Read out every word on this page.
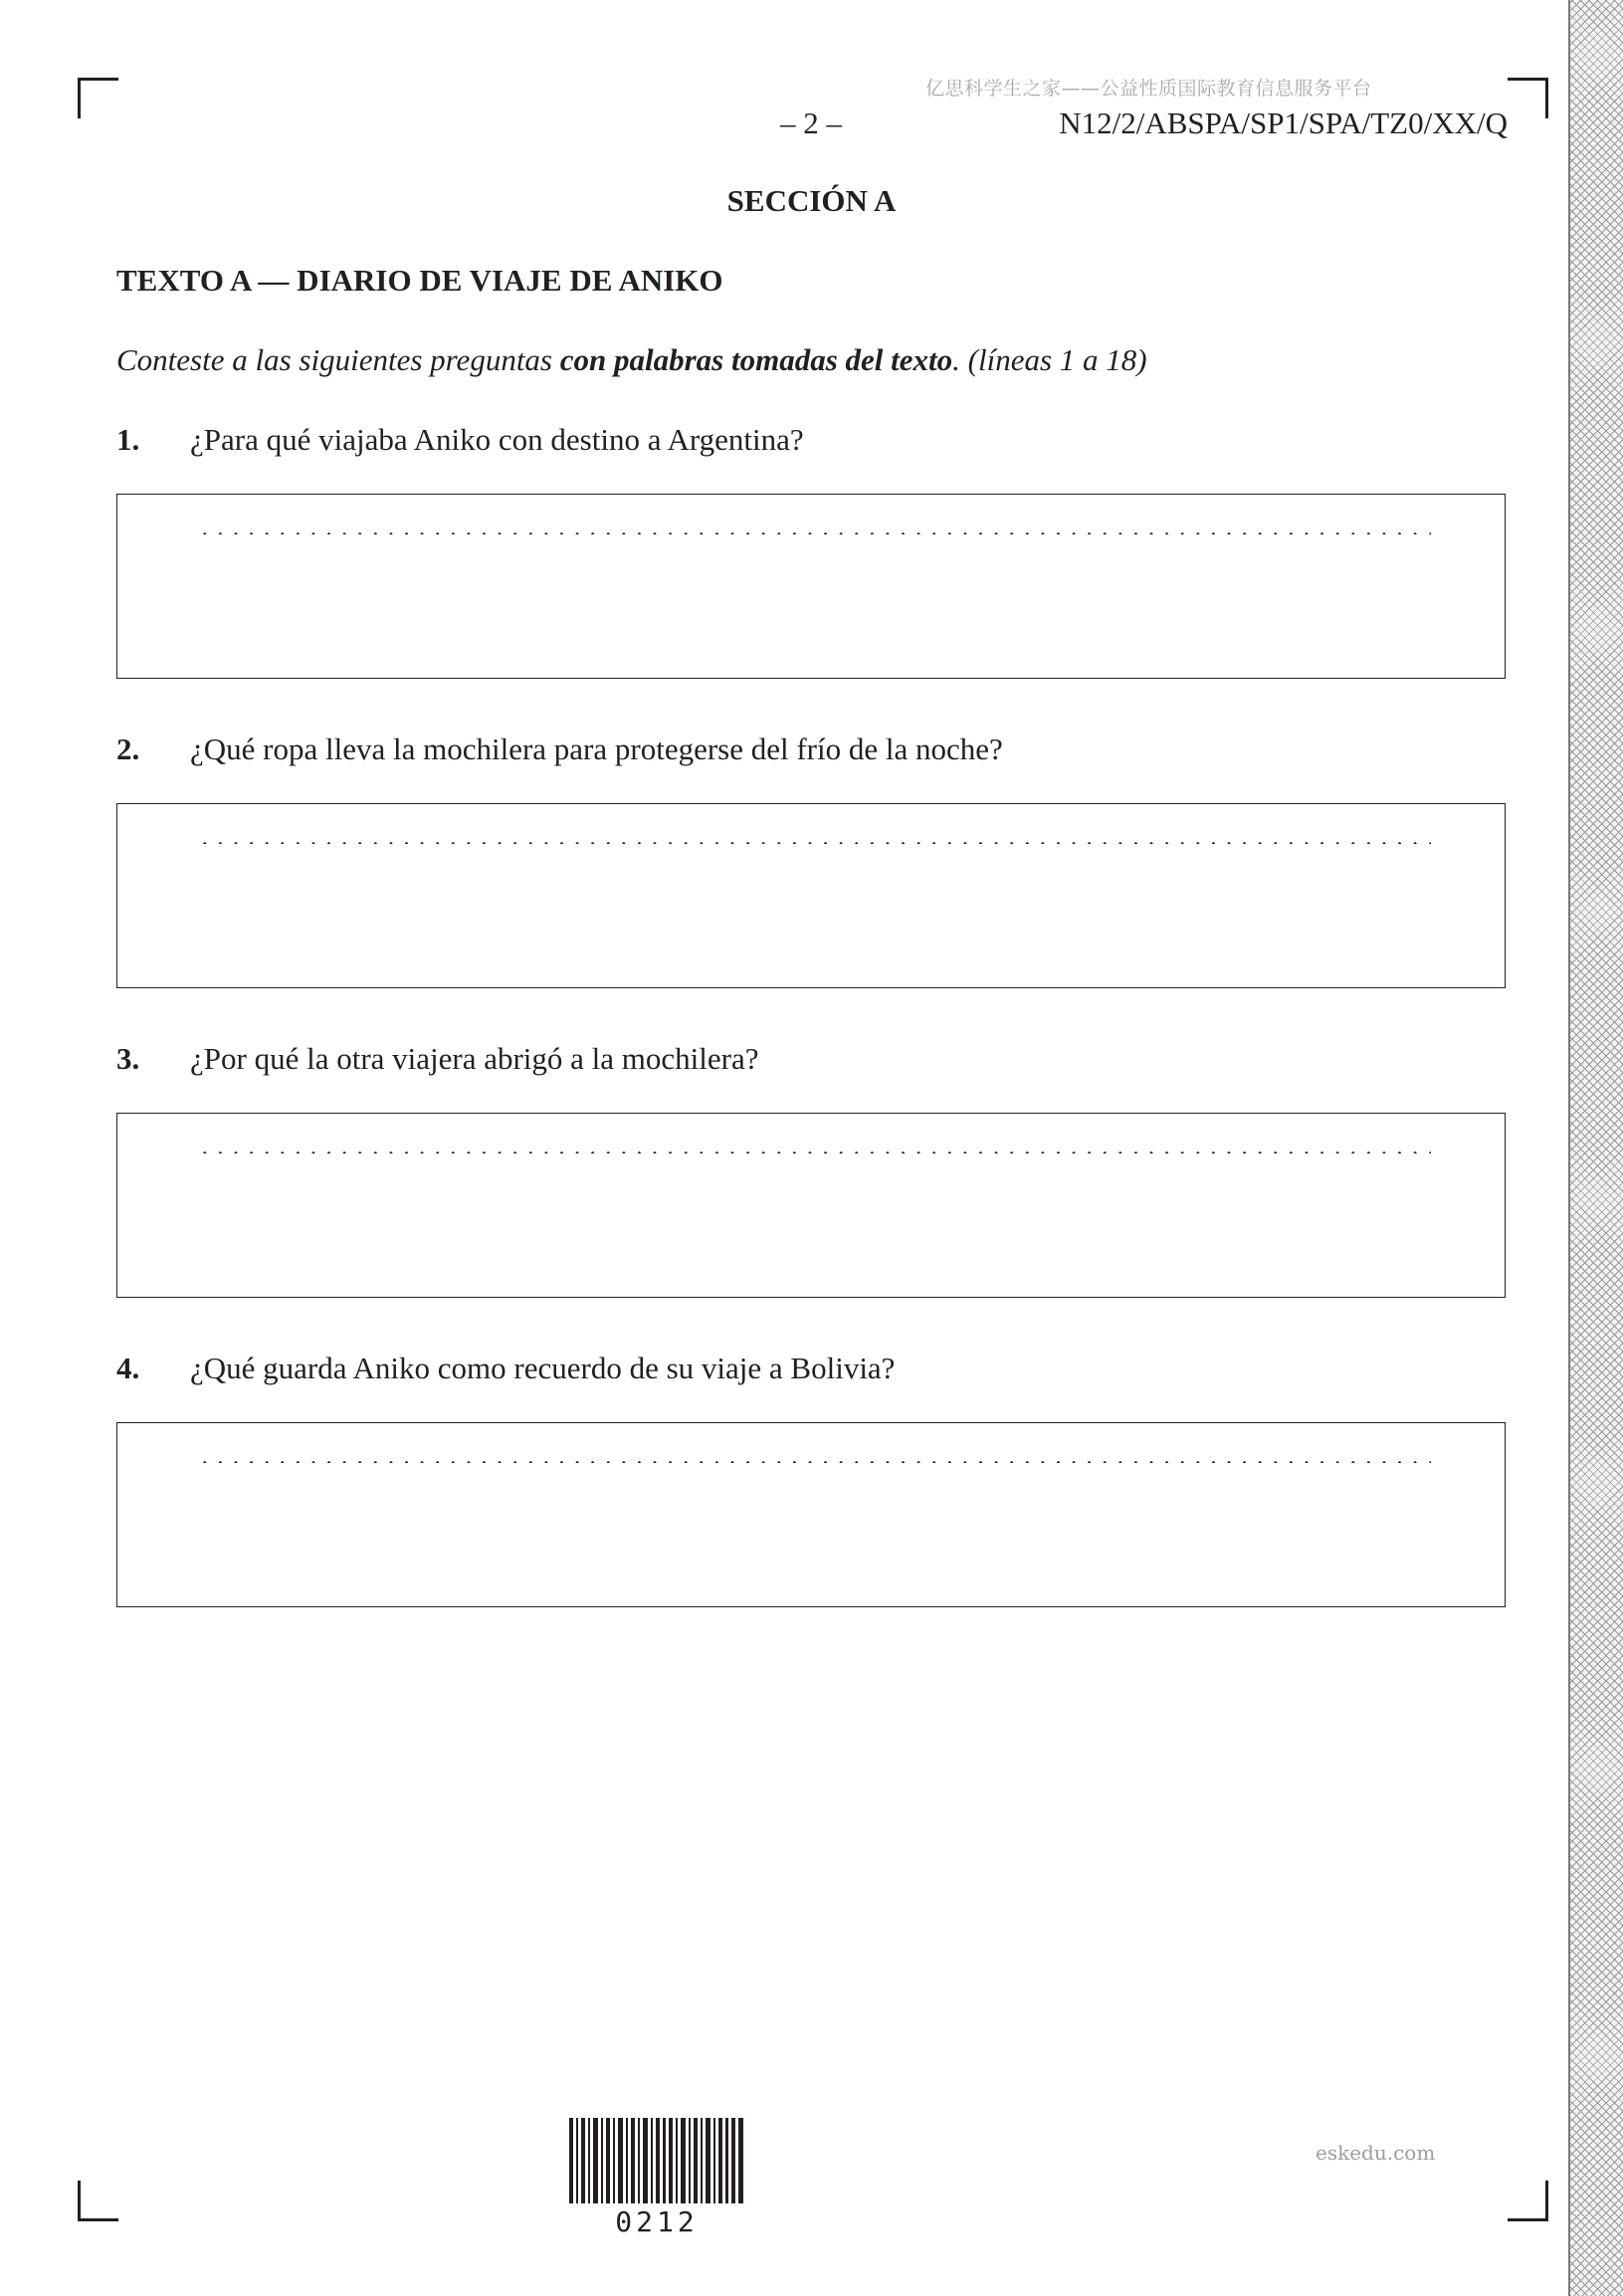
亿思科学生之家——公益性质国际教育信息服务平台
– 2 –	N12/2/ABSPA/SP1/SPA/TZ0/XX/Q
SECCIÓN A
TEXTO A — DIARIO DE VIAJE DE ANIKO
Conteste a las siguientes preguntas con palabras tomadas del texto. (líneas 1 a 18)
1. ¿Para qué viajaba Aniko con destino a Argentina?
2. ¿Qué ropa lleva la mochilera para protegerse del frío de la noche?
3. ¿Por qué la otra viajera abrigó a la mochilera?
4. ¿Qué guarda Aniko como recuerdo de su viaje a Bolivia?
0212
eskedu.com
